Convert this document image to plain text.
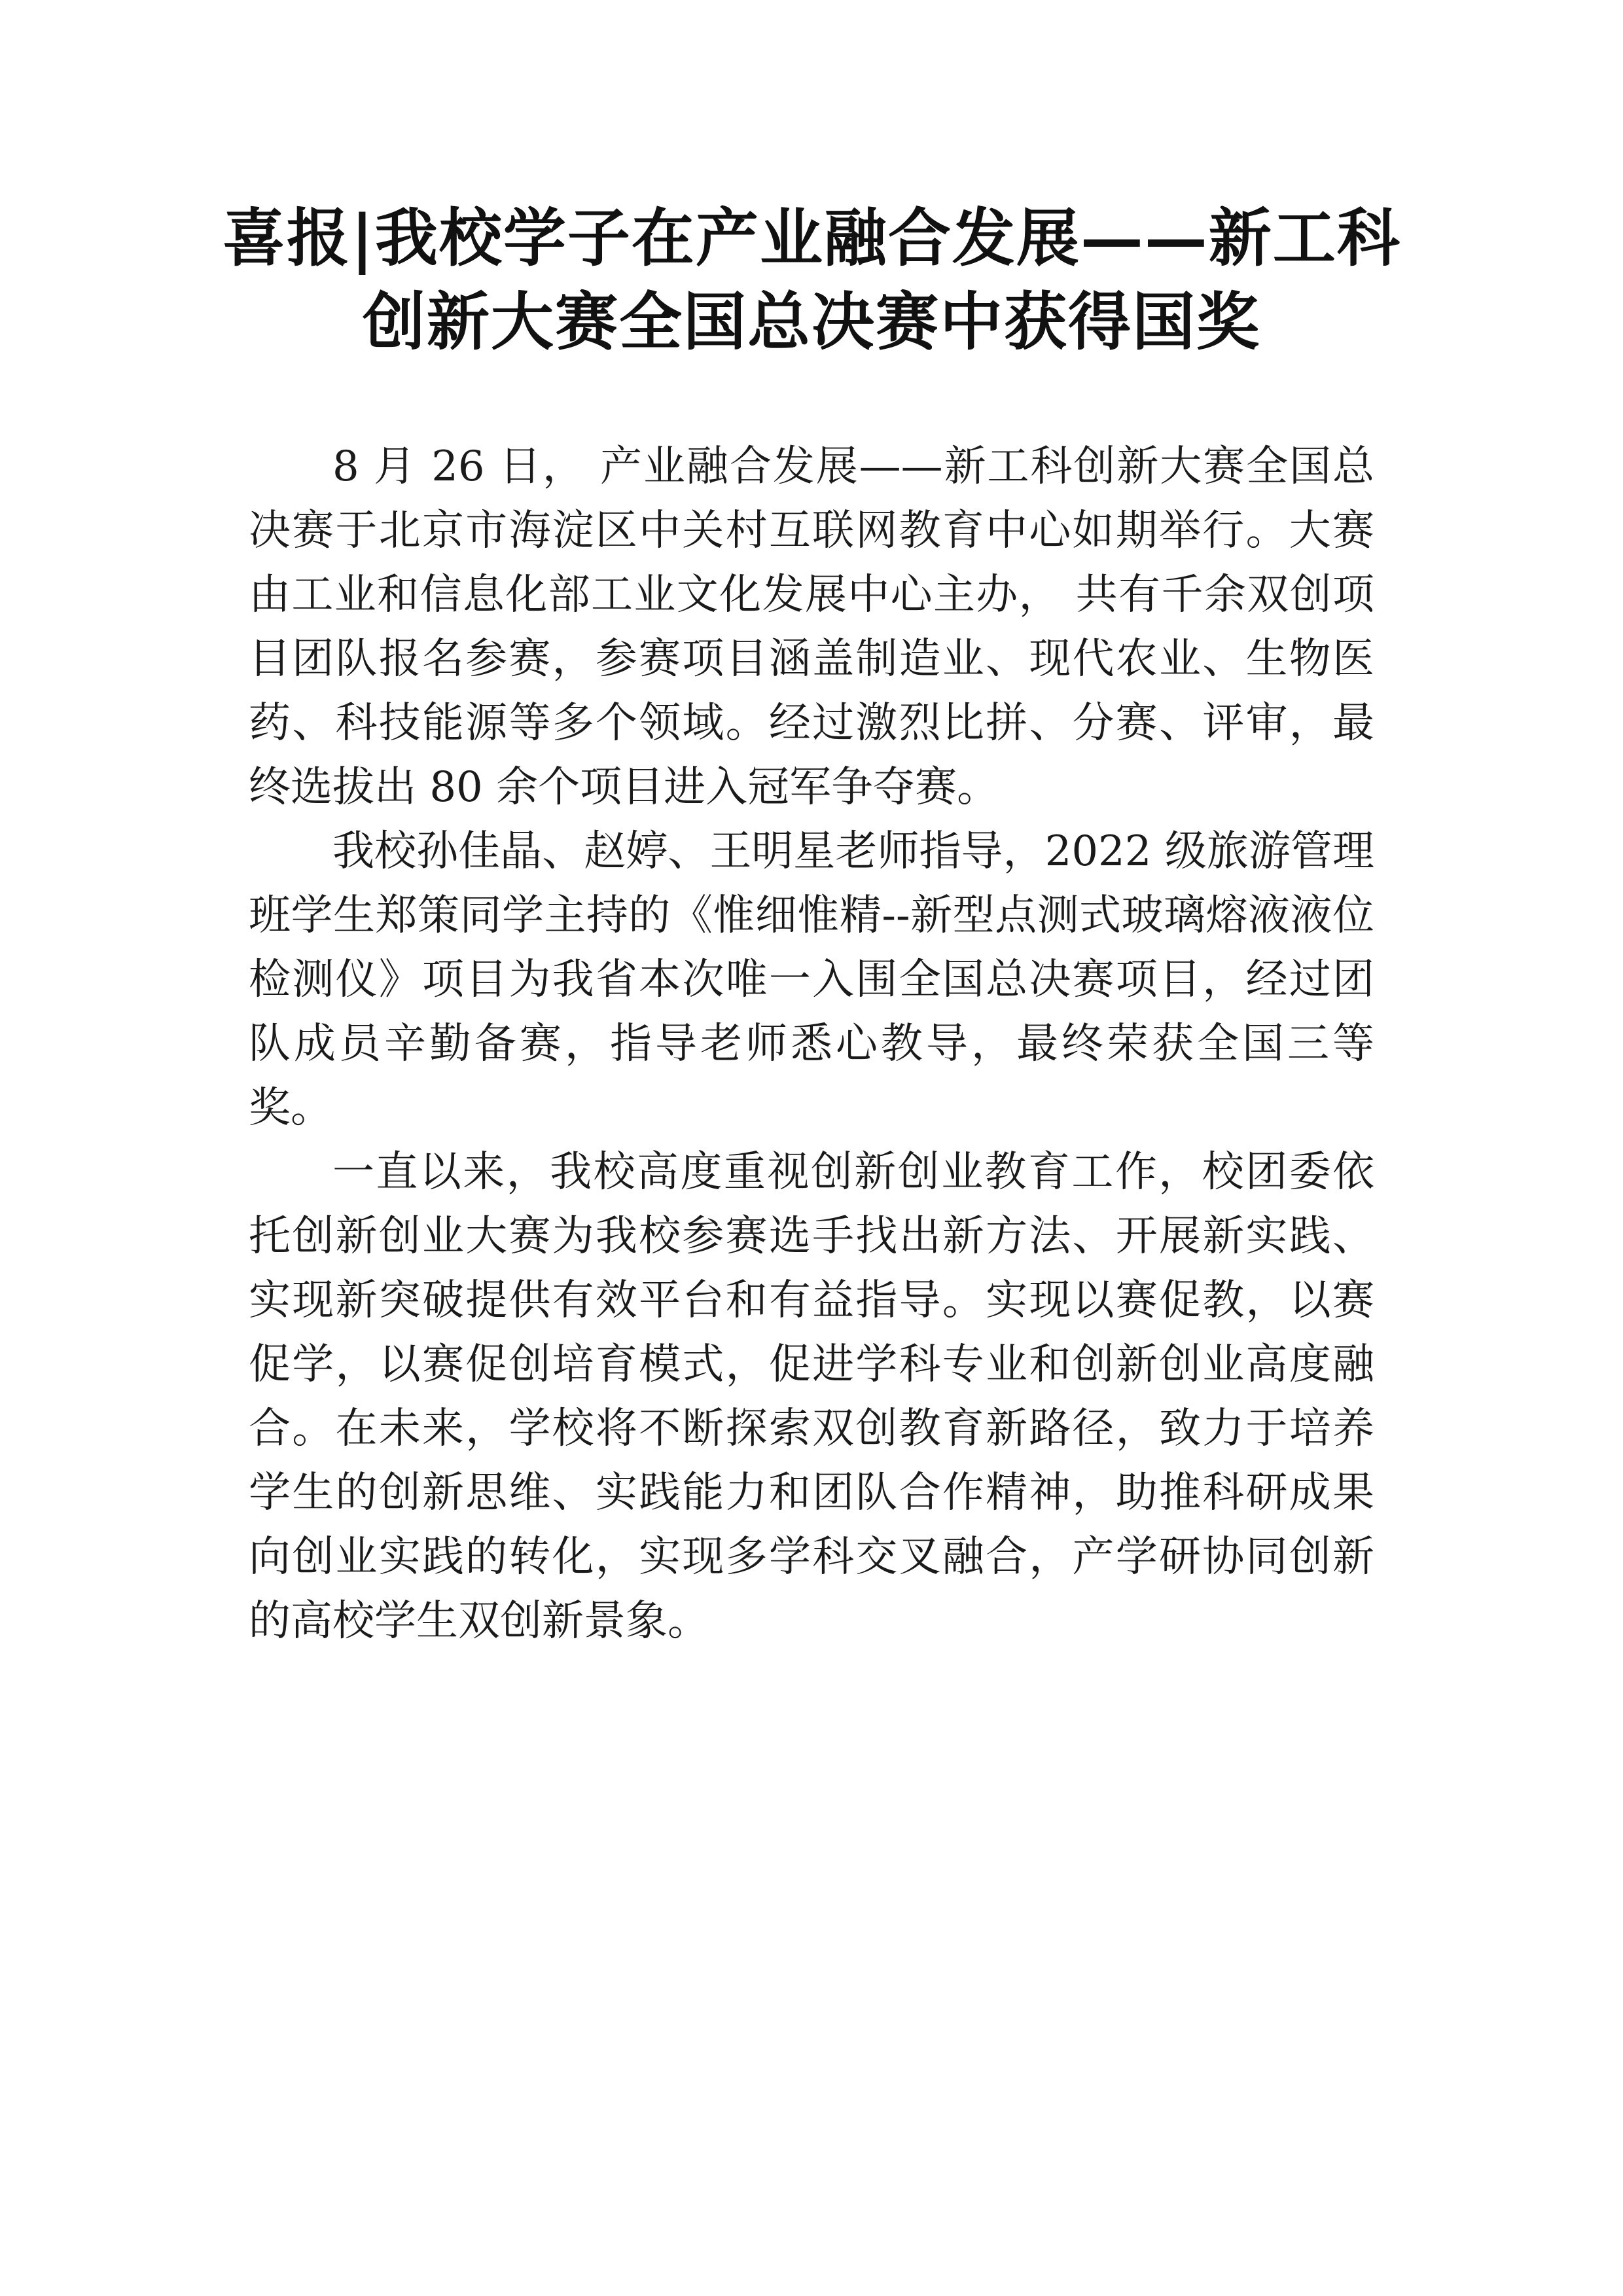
喜报|我校学子在产业融合发展——新工科
创新大赛全国总决赛中获得国奖

8 月 26 日， 产业融合发展——新工科创新大赛全国总决赛于北京市海淀区中关村互联网教育中心如期举行。大赛由工业和信息化部工业文化发展中心主办， 共有千余双创项目团队报名参赛，参赛项目涵盖制造业、现代农业、生物医药、科技能源等多个领域。经过激烈比拼、分赛、评审，最终选拔出 80 余个项目进入冠军争夺赛。

我校孙佳晶、赵婷、王明星老师指导，2022 级旅游管理班学生郑策同学主持的《惟细惟精--新型点测式玻璃熔液液位检测仪》项目为我省本次唯一入围全国总决赛项目，经过团队成员辛勤备赛，指导老师悉心教导，最终荣获全国三等奖。

一直以来，我校高度重视创新创业教育工作，校团委依托创新创业大赛为我校参赛选手找出新方法、开展新实践、实现新突破提供有效平台和有益指导。实现以赛促教，以赛促学，以赛促创培育模式，促进学科专业和创新创业高度融合。在未来，学校将不断探索双创教育新路径，致力于培养学生的创新思维、实践能力和团队合作精神，助推科研成果向创业实践的转化，实现多学科交叉融合，产学研协同创新的高校学生双创新景象。
